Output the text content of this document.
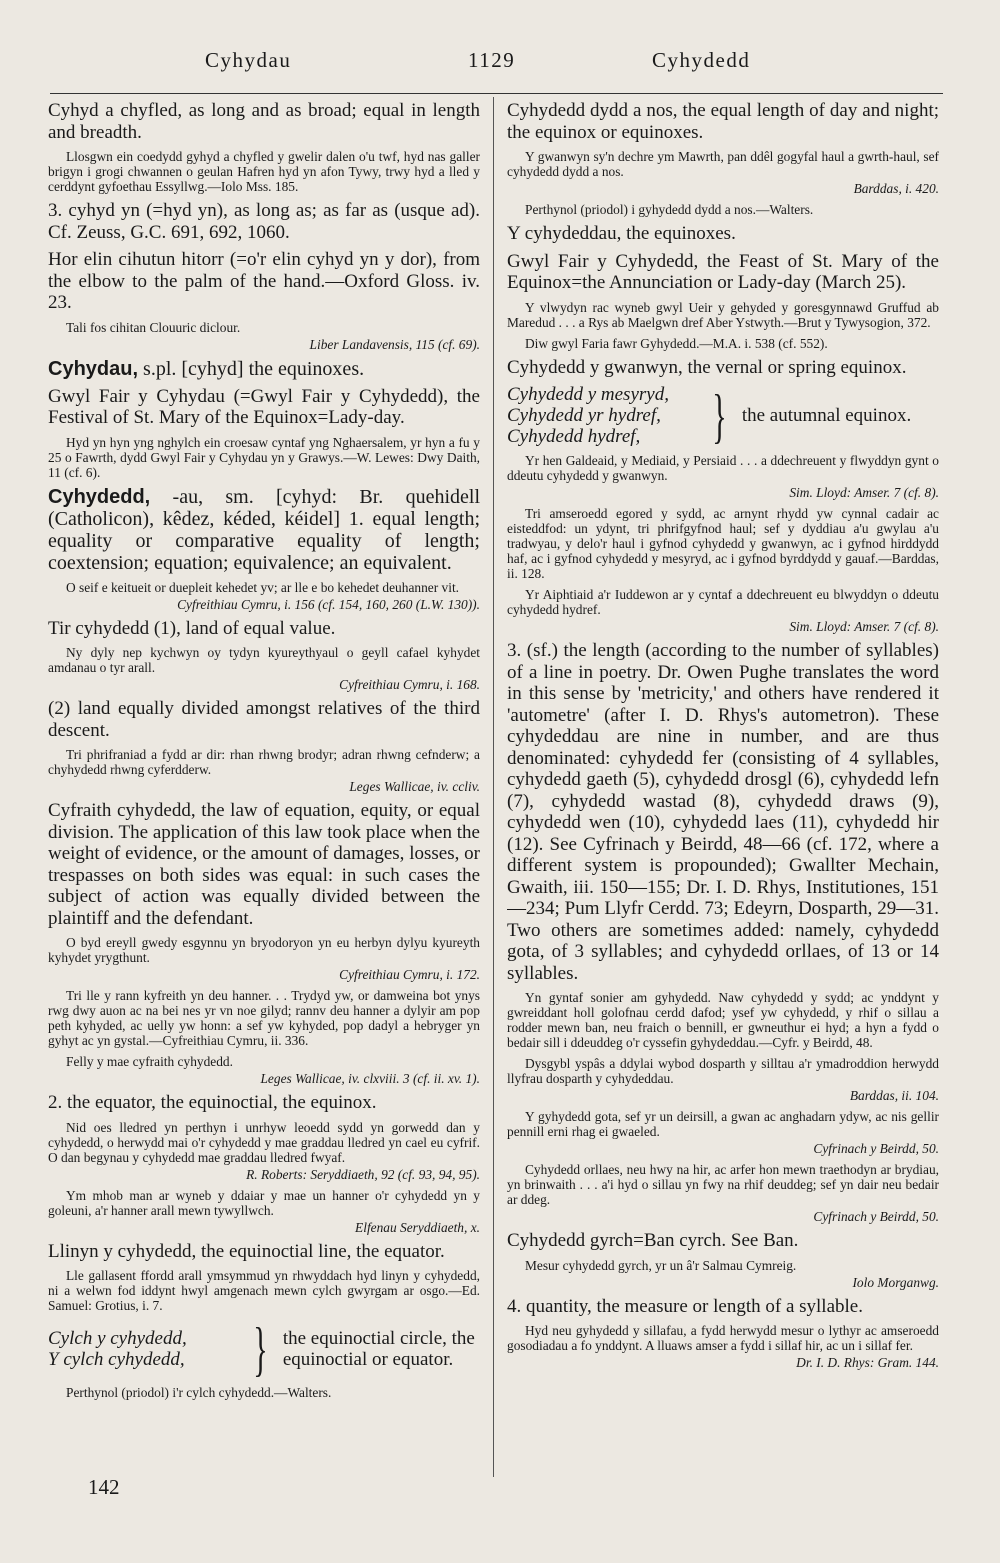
Cyhydau	1129	Cyhydedd

Cyhyd a chyfled, as long and as broad; equal in length and breadth.

Llosgwn ein coedydd gyhyd a chyfled y gwelir dalen o'u twf, hyd nas galler brigyn i grogi chwannen o geulan Hafren hyd yn afon Tywy, trwy hyd a lled y cerddynt gyfoethau Essyllwg.—Iolo Mss. 185.

3. cyhyd yn (=hyd yn), as long as; as far as (usque ad). Cf. Zeuss, G.C. 691, 692, 1060.

Hor elin cihutun hitorr (=o'r elin cyhyd yn y dor), from the elbow to the palm of the hand.—Oxford Gloss. iv. 23.

Tali fos cihitan Clouuric diclour.

Liber Landavensis, 115 (cf. 69).

Cyhydau, s.pl. [cyhyd] the equinoxes.

Gwyl Fair y Cyhydau (=Gwyl Fair y Cyhydedd), the Festival of St. Mary of the Equinox=Lady-day.

Hyd yn hyn yng nghylch ein croesaw cyntaf yng Nghaersalem, yr hyn a fu y 25 o Fawrth, dydd Gwyl Fair y Cyhydau yn y Grawys.—W. Lewes: Dwy Daith, 11 (cf. 6).

Cyhydedd, -au, sm. [cyhyd: Br. quehidell (Catholicon), kêdez, kéded, kéidel] 1. equal length; equality or comparative equality of length; coextension; equation; equivalence; an equivalent.

O seif e keitueit or duepleit kehedet yv; ar lle e bo kehedet deuhanner vit.

Cyfreithiau Cymru, i. 156 (cf. 154, 160, 260 (L.W. 130)).

Tir cyhydedd (1), land of equal value.

Ny dyly nep kychwyn oy tydyn kyureythyaul o geyll cafael kyhydet amdanau o tyr arall.

Cyfreithiau Cymru, i. 168.

(2) land equally divided amongst relatives of the third descent.

Tri phrifraniad a fydd ar dir: rhan rhwng brodyr; adran rhwng cefnderw; a chyhydedd rhwng cyferdderw.

Leges Wallicae, iv. ccliv.

Cyfraith cyhydedd, the law of equation, equity, or equal division. The application of this law took place when the weight of evidence, or the amount of damages, losses, or trespasses on both sides was equal: in such cases the subject of action was equally divided between the plaintiff and the defendant.

O byd ereyll gwedy esgynnu yn bryodoryon yn eu herbyn dylyu kyureyth kyhydet yrygthunt.

Cyfreithiau Cymru, i. 172.

Tri lle y rann kyfreith yn deu hanner. . . Trydyd yw, or damweina bot ynys rwg dwy auon ac na bei nes yr vn noe gilyd; rannv deu hanner a dylyir am pop peth kyhyded, ac uelly yw honn: a sef yw kyhyded, pop dadyl a hebryger yn gyhyt ac yn gystal.—Cyfreithiau Cymru, ii. 336.

Felly y mae cyfraith cyhydedd.

Leges Wallicae, iv. clxviii. 3 (cf. ii. xv. 1).

2. the equator, the equinoctial, the equinox.

Nid oes lledred yn perthyn i unrhyw leoedd sydd yn gorwedd dan y cyhydedd, o herwydd mai o'r cyhydedd y mae graddau lledred yn cael eu cyfrif. O dan begynau y cyhydedd mae graddau lledred fwyaf.

R. Roberts: Seryddiaeth, 92 (cf. 93, 94, 95).

Ym mhob man ar wyneb y ddaiar y mae un hanner o'r cyhydedd yn y goleuni, a'r hanner arall mewn tywyllwch.

Elfenau Seryddiaeth, x.

Llinyn y cyhydedd, the equinoctial line, the equator.

Lle gallasent ffordd arall ymsymmud yn rhwyddach hyd linyn y cyhydedd, ni a welwn fod iddynt hwyl amgenach mewn cylch gwyrgam ar osgo.—Ed. Samuel: Grotius, i. 7.

Cylch y cyhydedd,
Y cylch cyhydedd,	} the equinoctial circle, the equinoctial or equator.

Perthynol (priodol) i'r cylch cyhydedd.—Walters.

Cyhydedd dydd a nos, the equal length of day and night; the equinox or equinoxes.

Y gwanwyn sy'n dechre ym Mawrth, pan ddêl gogyfal haul a gwrth-haul, sef cyhydedd dydd a nos.

Barddas, i. 420.

Perthynol (priodol) i gyhydedd dydd a nos.—Walters.

Y cyhydeddau, the equinoxes.

Gwyl Fair y Cyhydedd, the Feast of St. Mary of the Equinox=the Annunciation or Lady-day (March 25).

Y vlwydyn rac wyneb gwyl Ueir y gehyded y goresgynnawd Gruffud ab Maredud . . . a Rys ab Maelgwn dref Aber Ystwyth.—Brut y Tywysogion, 372.

Diw gwyl Faria fawr Gyhydedd.—M.A. i. 538 (cf. 552).

Cyhydedd y gwanwyn, the vernal or spring equinox.

Cyhydedd y mesyryd,
Cyhydedd yr hydref,
Cyhydedd hydref,	} the autumnal equinox.

Yr hen Galdeaid, y Mediaid, y Persiaid . . . a ddechreuent y flwyddyn gynt o ddeutu cyhydedd y gwanwyn.

Sim. Lloyd: Amser. 7 (cf. 8).

Tri amseroedd egored y sydd, ac arnynt rhydd yw cynnal cadair ac eisteddfod: un ydynt, tri phrifgyfnod haul; sef y dyddiau a'u gwylau a'u tradwyau, y delo'r haul i gyfnod cyhydedd y gwanwyn, ac i gyfnod hirddydd haf, ac i gyfnod cyhydedd y mesyryd, ac i gyfnod byrddydd y gauaf.—Barddas, ii. 128.

Yr Aiphtiaid a'r Iuddewon ar y cyntaf a ddechreuent eu blwyddyn o ddeutu cyhydedd hydref.

Sim. Lloyd: Amser. 7 (cf. 8).

3. (sf.) the length (according to the number of syllables) of a line in poetry. Dr. Owen Pughe translates the word in this sense by 'metricity,' and others have rendered it 'autometre' (after I. D. Rhys's autometron). These cyhydeddau are nine in number, and are thus denominated: cyhydedd fer (consisting of 4 syllables, cyhydedd gaeth (5), cyhydedd drosgl (6), cyhydedd lefn (7), cyhydedd wastad (8), cyhydedd draws (9), cyhydedd wen (10), cyhydedd laes (11), cyhydedd hir (12). See Cyfrinach y Beirdd, 48—66 (cf. 172, where a different system is propounded); Gwallter Mechain, Gwaith, iii. 150—155; Dr. I. D. Rhys, Institutiones, 151—234; Pum Llyfr Cerdd. 73; Edeyrn, Dosparth, 29—31. Two others are sometimes added: namely, cyhydedd gota, of 3 syllables; and cyhydedd orllaes, of 13 or 14 syllables.

Yn gyntaf sonier am gyhydedd. Naw cyhydedd y sydd; ac ynddynt y gwreiddant holl golofnau cerdd dafod; ysef yw cyhydedd, y rhif o sillau a rodder mewn ban, neu fraich o bennill, er gwneuthur ei hyd; a hyn a fydd o bedair sill i ddeuddeg o'r cyssefin gyhydeddau.—Cyfr. y Beirdd, 48.

Dysgybl yspâs a ddylai wybod dosparth y silltau a'r ymadroddion herwydd llyfrau dosparth y cyhydeddau.

Barddas, ii. 104.

Y gyhydedd gota, sef yr un deirsill, a gwan ac anghadarn ydyw, ac nis gellir pennill erni rhag ei gwaeled.

Cyfrinach y Beirdd, 50.

Cyhydedd orllaes, neu hwy na hir, ac arfer hon mewn traethodyn ar brydiau, yn brinwaith . . . a'i hyd o sillau yn fwy na rhif deuddeg; sef yn dair neu bedair ar ddeg.

Cyfrinach y Beirdd, 50.

Cyhydedd gyrch=Ban cyrch. See Ban.

Mesur cyhydedd gyrch, yr un â'r Salmau Cymreig.

Iolo Morganwg.

4. quantity, the measure or length of a syllable.

Hyd neu gyhydedd y sillafau, a fydd herwydd mesur o lythyr ac amseroedd gosodiadau a fo ynddynt. A lluaws amser a fydd i sillaf hir, ac un i sillaf fer.

Dr. I. D. Rhys: Gram. 144.

142
